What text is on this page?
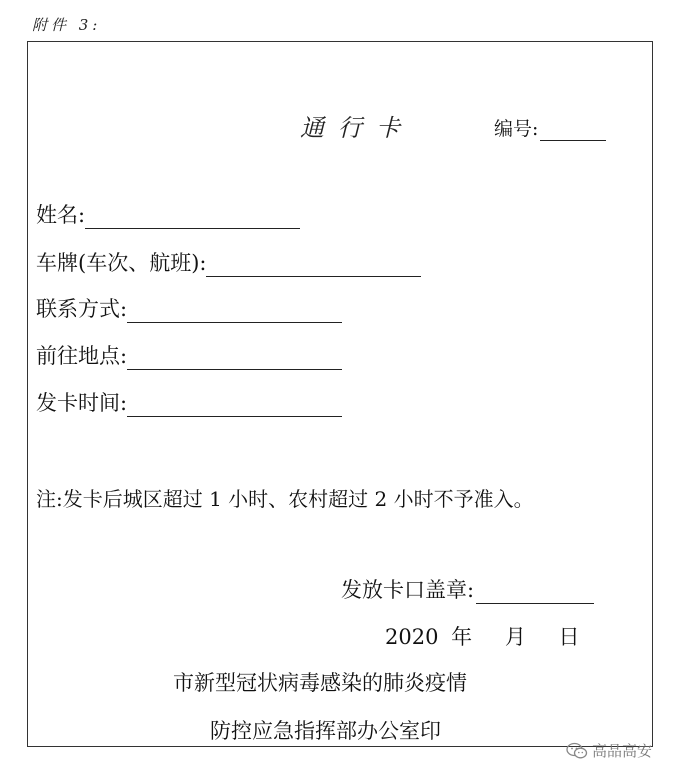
附件 3:
通行卡	编号:
姓名:
车牌(车次、航班):
联系方式:
前往地点:
发卡时间:
注:发卡后城区超过 1 小时、农村超过 2 小时不予准入。
发放卡口盖章:
2020 年 月 日
市新型冠状病毒感染的肺炎疫情
防控应急指挥部办公室印
高品高安
